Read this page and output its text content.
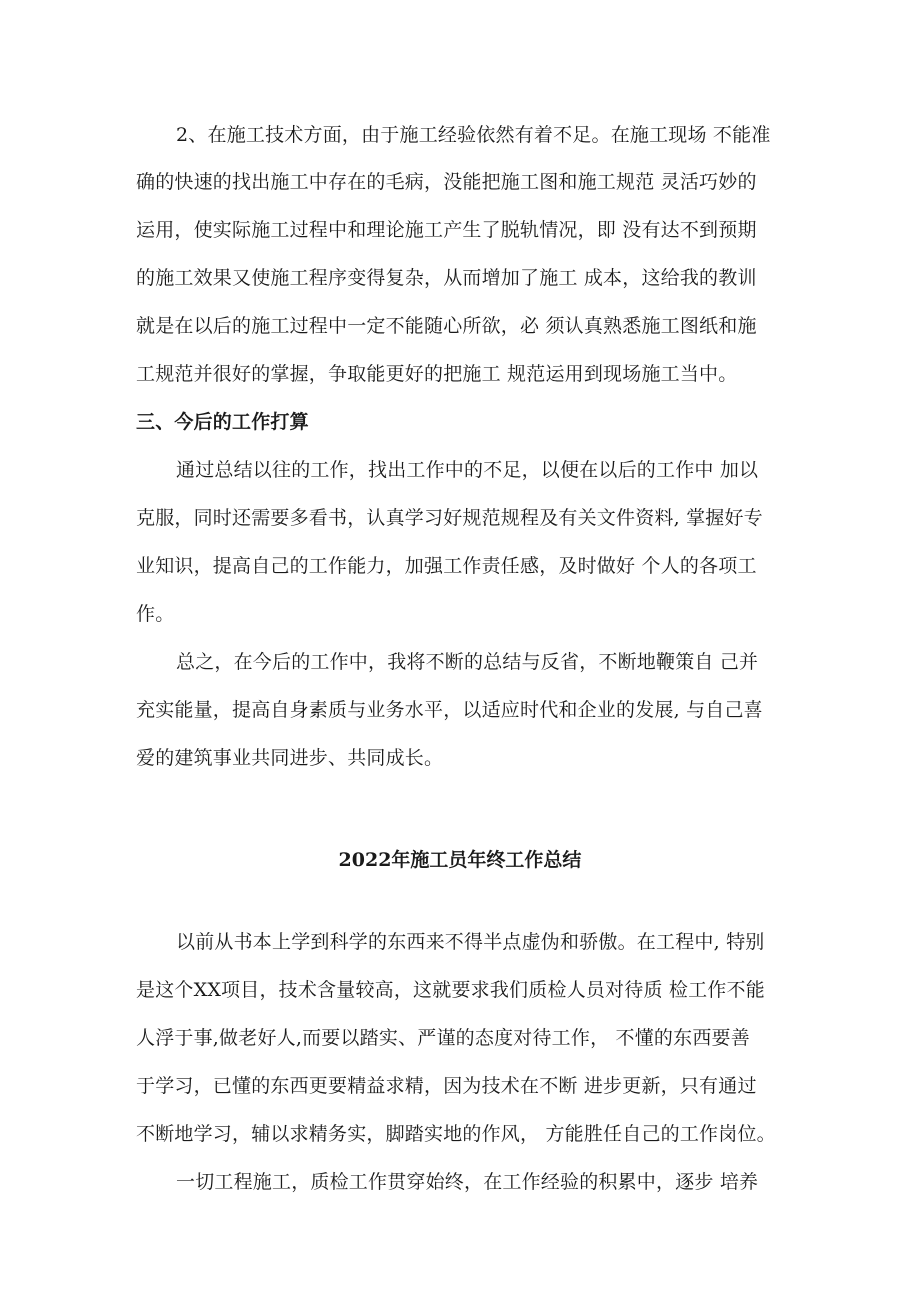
2、在施工技术方面，由于施工经验依然有着不足。在施工现场 不能准
确的快速的找出施工中存在的毛病，没能把施工图和施工规范 灵活巧妙的
运用，使实际施工过程中和理论施工产生了脱轨情况，即 没有达不到预期
的施工效果又使施工程序变得复杂，从而增加了施工 成本，这给我的教训
就是在以后的施工过程中一定不能随心所欲，必 须认真熟悉施工图纸和施
工规范并很好的掌握，争取能更好的把施工 规范运用到现场施工当中。
三、今后的工作打算
通过总结以往的工作，找出工作中的不足，以便在以后的工作中 加以
克服，同时还需要多看书，认真学习好规范规程及有关文件资料, 掌握好专
业知识，提高自己的工作能力，加强工作责任感，及时做好 个人的各项工
作。
总之，在今后的工作中，我将不断的总结与反省，不断地鞭策自 己并
充实能量，提高自身素质与业务水平，以适应时代和企业的发展, 与自己喜
爱的建筑事业共同进步、共同成长。
2022年施工员年终工作总结
以前从书本上学到科学的东西来不得半点虚伪和骄傲。在工程中, 特别
是这个XX项目，技术含量较高，这就要求我们质检人员对待质 检工作不能
人浮于事,做老好人,而要以踏实、严谨的态度对待工作， 不懂的东西要善
于学习，已懂的东西更要精益求精，因为技术在不断 进步更新，只有通过
不断地学习，辅以求精务实，脚踏实地的作风， 方能胜任自己的工作岗位。
一切工程施工，质检工作贯穿始终，在工作经验的积累中，逐步 培养
